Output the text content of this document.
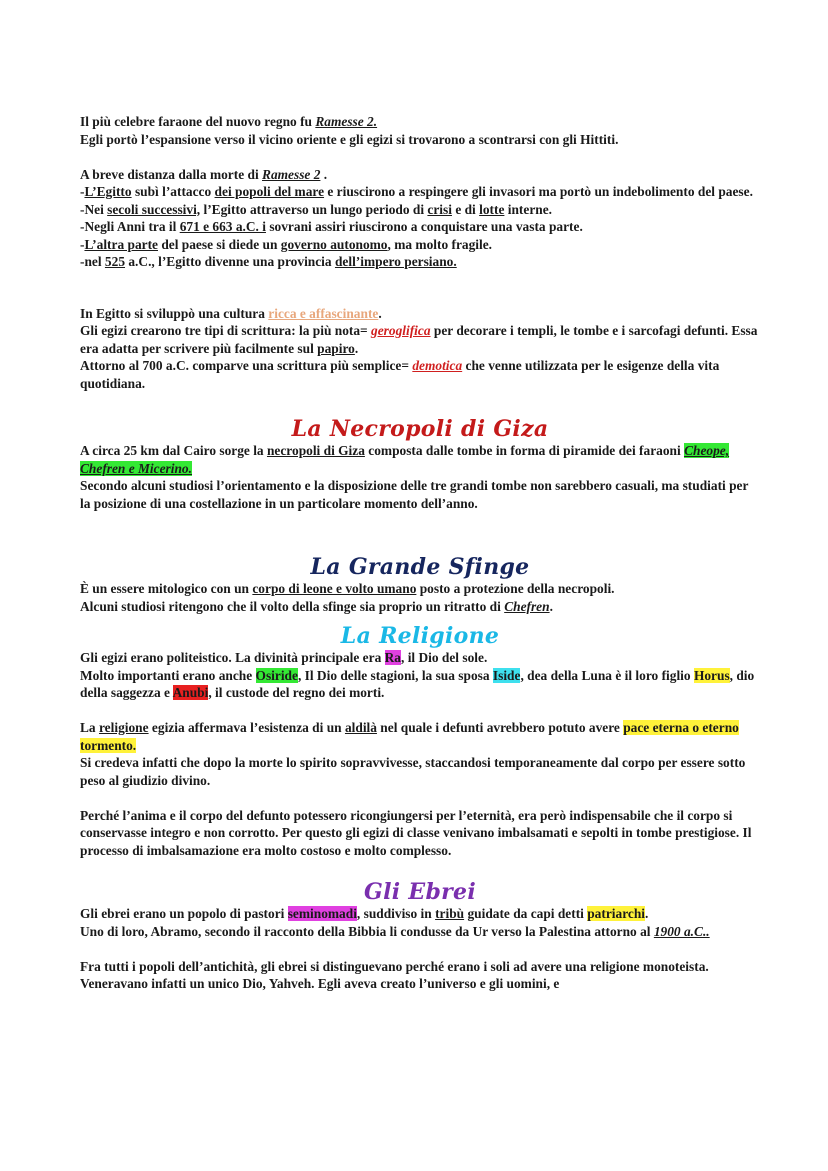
Il più celebre faraone del nuovo regno fu Ramesse 2.
Egli portò l’espansione verso il vicino oriente e gli egizi si trovarono a scontrarsi con gli Hittiti.

A breve distanza dalla morte di Ramesse 2 .
-L’Egitto subì l’attacco dei popoli del mare e riuscirono a respingere gli invasori ma portò un indebolimento del paese.
-Nei secoli successivi, l’Egitto attraverso un lungo periodo di crisi e di lotte interne.
-Negli Anni tra il 671 e 663 a.C. i sovrani assiri riuscirono a conquistare una vasta parte.
-L’altra parte del paese si diede un governo autonomo, ma molto fragile.
-nel 525 a.C., l’Egitto divenne una provincia dell’impero persiano.

In Egitto si sviluppò una cultura ricca e affascinante.
Gli egizi crearono tre tipi di scrittura: la più nota= geroglifica per decorare i templi, le tombe e i sarcofagi defunti. Essa era adatta per scrivere più facilmente sul papiro.
Attorno al 700 a.C. comparve una scrittura più semplice= demotica che venne utilizzata per le esigenze della vita quotidiana.

La Necropoli di Giza

A circa 25 km dal Cairo sorge la necropoli di Giza composta dalle tombe in forma di piramide dei faraoni Cheope, Chefren e Micerino.
Secondo alcuni studiosi l’orientamento e la disposizione delle tre grandi tombe non sarebbero casuali, ma studiati per la posizione di una costellazione in un particolare momento dell’anno.

La Grande Sfinge

È un essere mitologico con un corpo di leone e volto umano posto a protezione della necropoli.
Alcuni studiosi ritengono che il volto della sfinge sia proprio un ritratto di Chefren.

La Religione

Gli egizi erano politeistico. La divinità principale era Ra, il Dio del sole.
Molto importanti erano anche Osiride, Il Dio delle stagioni, la sua sposa Iside, dea della Luna è il loro figlio Horus, dio della saggezza e Anubi, il custode del regno dei morti.

La religione egizia affermava l’esistenza di un aldilà nel quale i defunti avrebbero potuto avere pace eterna o eterno tormento.
Si credeva infatti che dopo la morte lo spirito sopravvivesse, staccandosi temporaneamente dal corpo per essere sotto peso al giudizio divino.

Perché l’anima e il corpo del defunto potessero ricongiungersi per l’eternità, era però indispensabile che il corpo si conservasse integro e non corrotto. Per questo gli egizi di classe venivano imbalsamati e sepolti in tombe prestigiose. Il processo di imbalsamazione era molto costoso e molto complesso.

Gli Ebrei

Gli ebrei erano un popolo di pastori seminomadi, suddiviso in tribù guidate da capi detti patriarchi.
Uno di loro, Abramo, secondo il racconto della Bibbia li condusse da Ur verso la Palestina attorno al 1900 a.C..

Fra tutti i popoli dell’antichità, gli ebrei si distinguevano perché erano i soli ad avere una religione monoteista. Veneravano infatti un unico Dio, Yahveh. Egli aveva creato l’universo e gli uomini, e
